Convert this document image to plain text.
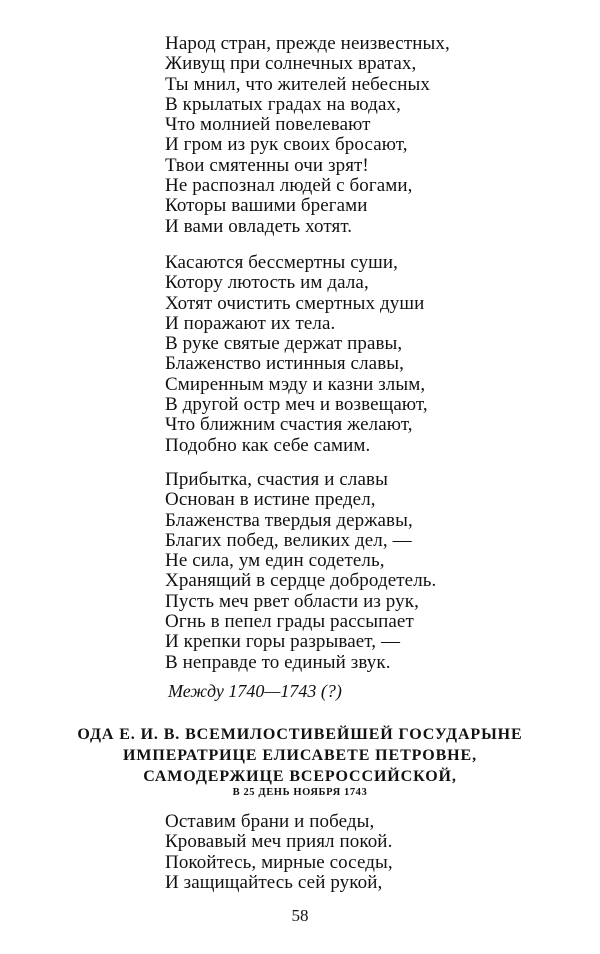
Народ стран, прежде неизвестных,
Живущ при солнечных вратах,
Ты мнил, что жителей небесных
В крылатых градах на водах,
Что молнией повелевают
И гром из рук своих бросают,
Твои смятенны очи зрят!
Не распознал людей с богами,
Которы вашими брегами
И вами овладеть хотят.
Касаются бессмертны суши,
Котору лютость им дала,
Хотят очистить смертных души
И поражают их тела.
В руке святые держат правы,
Блаженство истинныя славы,
Смиренным мэду и казни злым,
В другой остр меч и возвещают,
Что ближним счастия желают,
Подобно как себе самим.
Прибытка, счастия и славы
Основан в истине предел,
Блаженства твердыя державы,
Благих побед, великих дел, —
Не сила, ум един содетель,
Хранящий в сердце добродетель.
Пусть меч рвет области из рук,
Огнь в пепел грады рассыпает
И крепки горы разрывает, —
В неправде то единый звук.
Между 1740—1743 (?)
ОДА Е. И. В. ВСЕМИЛОСТИВЕЙШЕЙ ГОСУДАРЫНЕ
ИМПЕРАТРИЦЕ ЕЛИСАВЕТЕ ПЕТРОВНЕ,
САМОДЕРЖИЦЕ ВСЕРОССИЙСКОЙ,
В 25 ДЕНЬ НОЯБРЯ 1743
Оставим брани и победы,
Кровавый меч приял покой.
Покойтесь, мирные соседы,
И защищайтесь сей рукой,
58
